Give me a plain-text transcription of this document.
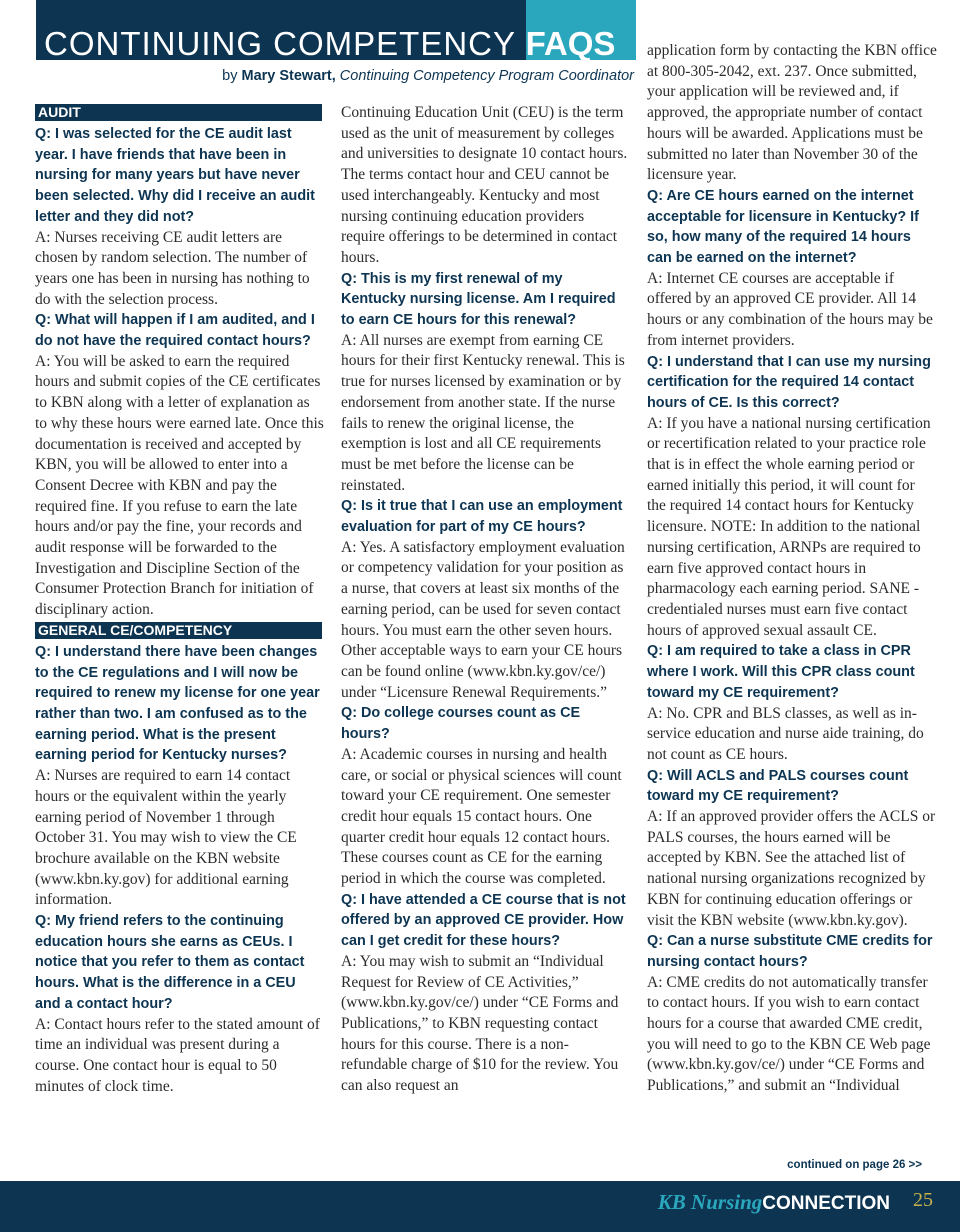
CONTINUING COMPETENCY FAQS
by Mary Stewart, Continuing Competency Program Coordinator
AUDIT

Q: I was selected for the CE audit last year. I have friends that have been in nursing for many years but have never been selected. Why did I receive an audit letter and they did not?

A: Nurses receiving CE audit letters are chosen by random selection. The number of years one has been in nursing has nothing to do with the selection process.

Q: What will happen if I am audited, and I do not have the required contact hours?

A: You will be asked to earn the required hours and submit copies of the CE certificates to KBN along with a letter of explanation as to why these hours were earned late. Once this documentation is received and accepted by KBN, you will be allowed to enter into a Consent Decree with KBN and pay the required fine. If you refuse to earn the late hours and/or pay the fine, your records and audit response will be forwarded to the Investigation and Discipline Section of the Consumer Protection Branch for initiation of disciplinary action.

GENERAL CE/COMPETENCY

Q: I understand there have been changes to the CE regulations and I will now be required to renew my license for one year rather than two. I am confused as to the earning period. What is the present earning period for Kentucky nurses?

A: Nurses are required to earn 14 contact hours or the equivalent within the yearly earning period of November 1 through October 31. You may wish to view the CE brochure available on the KBN website (www.kbn.ky.gov) for additional earning information.

Q: My friend refers to the continuing education hours she earns as CEUs. I notice that you refer to them as contact hours. What is the difference in a CEU and a contact hour?

A: Contact hours refer to the stated amount of time an individual was present during a course. One contact hour is equal to 50 minutes of clock time.

Continuing Education Unit (CEU) is the term used as the unit of measurement by colleges and universities to designate 10 contact hours. The terms contact hour and CEU cannot be used interchangeably. Kentucky and most nursing continuing education providers require offerings to be determined in contact hours.

Q: This is my first renewal of my Kentucky nursing license. Am I required to earn CE hours for this renewal?

A: All nurses are exempt from earning CE hours for their first Kentucky renewal. This is true for nurses licensed by examination or by endorsement from another state. If the nurse fails to renew the original license, the exemption is lost and all CE requirements must be met before the license can be reinstated.

Q: Is it true that I can use an employment evaluation for part of my CE hours?

A: Yes. A satisfactory employment evaluation or competency validation for your position as a nurse, that covers at least six months of the earning period, can be used for seven contact hours. You must earn the other seven hours. Other acceptable ways to earn your CE hours can be found online (www.kbn.ky.gov/ce/) under “Licensure Renewal Requirements.”

Q: Do college courses count as CE hours?

A: Academic courses in nursing and health care, or social or physical sciences will count toward your CE requirement. One semester credit hour equals 15 contact hours. One quarter credit hour equals 12 contact hours. These courses count as CE for the earning period in which the course was completed.

Q: I have attended a CE course that is not offered by an approved CE provider. How can I get credit for these hours?

A: You may wish to submit an “Individual Request for Review of CE Activities,” (www.kbn.ky.gov/ce/) under “CE Forms and Publications,” to KBN requesting contact hours for this course. There is a non-refundable charge of $10 for the review. You can also request an

application form by contacting the KBN office at 800-305-2042, ext. 237. Once submitted, your application will be reviewed and, if approved, the appropriate number of contact hours will be awarded. Applications must be submitted no later than November 30 of the licensure year.

Q: Are CE hours earned on the internet acceptable for licensure in Kentucky? If so, how many of the required 14 hours can be earned on the internet?

A: Internet CE courses are acceptable if offered by an approved CE provider. All 14 hours or any combination of the hours may be from internet providers.

Q: I understand that I can use my nursing certification for the required 14 contact hours of CE. Is this correct?

A: If you have a national nursing certification or recertification related to your practice role that is in effect the whole earning period or earned initially this period, it will count for the required 14 contact hours for Kentucky licensure. NOTE: In addition to the national nursing certification, ARNPs are required to earn five approved contact hours in pharmacology each earning period. SANE -credentialed nurses must earn five contact hours of approved sexual assault CE.

Q: I am required to take a class in CPR where I work. Will this CPR class count toward my CE requirement?

A: No. CPR and BLS classes, as well as in-service education and nurse aide training, do not count as CE hours.

Q: Will ACLS and PALS courses count toward my CE requirement?

A: If an approved provider offers the ACLS or PALS courses, the hours earned will be accepted by KBN. See the attached list of national nursing organizations recognized by KBN for continuing education offerings or visit the KBN website (www.kbn.ky.gov).

Q: Can a nurse substitute CME credits for nursing contact hours?

A: CME credits do not automatically transfer to contact hours. If you wish to earn contact hours for a course that awarded CME credit, you will need to go to the KBN CE Web page (www.kbn.ky.gov/ce/) under “CE Forms and Publications,” and submit an “Individual

continued on page 26 >>
KB NursingCONNECTION 25
